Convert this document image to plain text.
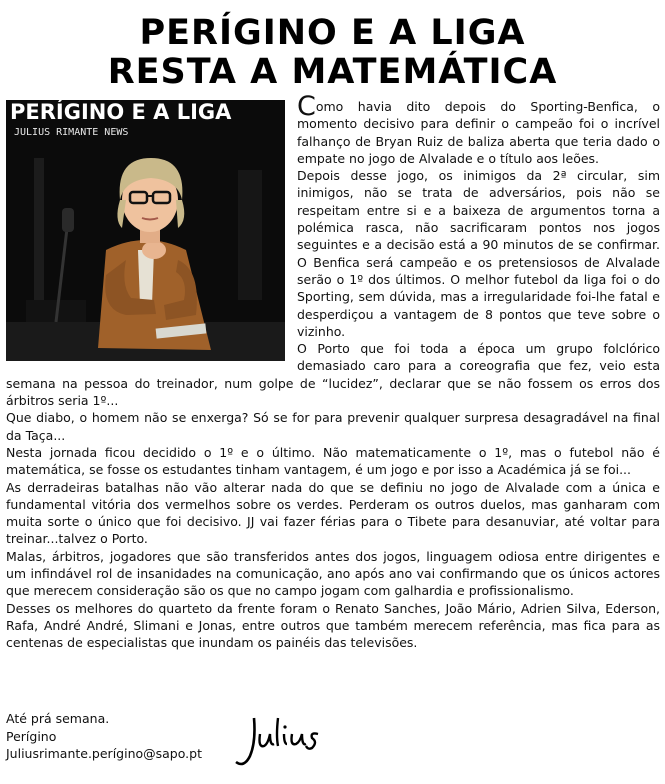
PERÍGINO E A LIGA
RESTA A MATEMÁTICA
PERÍGINO E A LIGA
JULIUS RIMANTE NEWS

Como havia dito depois do Sporting-Benfica, o momento decisivo para definir o campeão foi o incrível falhanço de Bryan Ruiz de baliza aberta que teria dado o empate no jogo de Alvalade e o título aos leões.

Depois desse jogo, os inimigos da 2ª circular, sim inimigos, não se trata de adversários, pois não se respeitam entre si e a baixeza de argumentos torna a polémica rasca, não sacrificaram pontos nos jogos seguintes e a decisão está a 90 minutos de se confirmar. O Benfica será campeão e os pretensiosos de Alvalade serão o 1º dos últimos. O melhor futebol da liga foi o do Sporting, sem dúvida, mas a irregularidade foi-lhe fatal e desperdiçou a vantagem de 8 pontos que teve sobre o vizinho.

O Porto que foi toda a época um grupo folclórico demasiado caro para a coreografia que fez, veio esta semana na pessoa do treinador, num golpe de “lucidez”, declarar que se não fossem os erros dos árbitros seria 1º...

Que diabo, o homem não se enxerga? Só se for para prevenir qualquer surpresa desagradável na final da Taça...

Nesta jornada ficou decidido o 1º e o último. Não matematicamente o 1º, mas o futebol não é matemática, se fosse os estudantes tinham vantagem, é um jogo e por isso a Académica já se foi...

As derradeiras batalhas não vão alterar nada do que se definiu no jogo de Alvalade com a única e fundamental vitória dos vermelhos sobre os verdes. Perderam os outros duelos, mas ganharam com muita sorte o único que foi decisivo. JJ vai fazer férias para o Tibete para desanuviar, até voltar para treinar...talvez o Porto.

Malas, árbitros, jogadores que são transferidos antes dos jogos, linguagem odiosa entre dirigentes e um infindável rol de insanidades na comunicação, ano após ano vai confirmando que os únicos actores que merecem consideração são os que no campo jogam com galhardia e profissionalismo.

Desses os melhores do quarteto da frente foram o Renato Sanches, João Mário, Adrien Silva, Ederson, Rafa, André André, Slimani e Jonas, entre outros que também merecem referência, mas fica para as centenas de especialistas que inundam os painéis das televisões.

Até prá semana.
Perígino
Juliusrimante.perígino@sapo.pt
